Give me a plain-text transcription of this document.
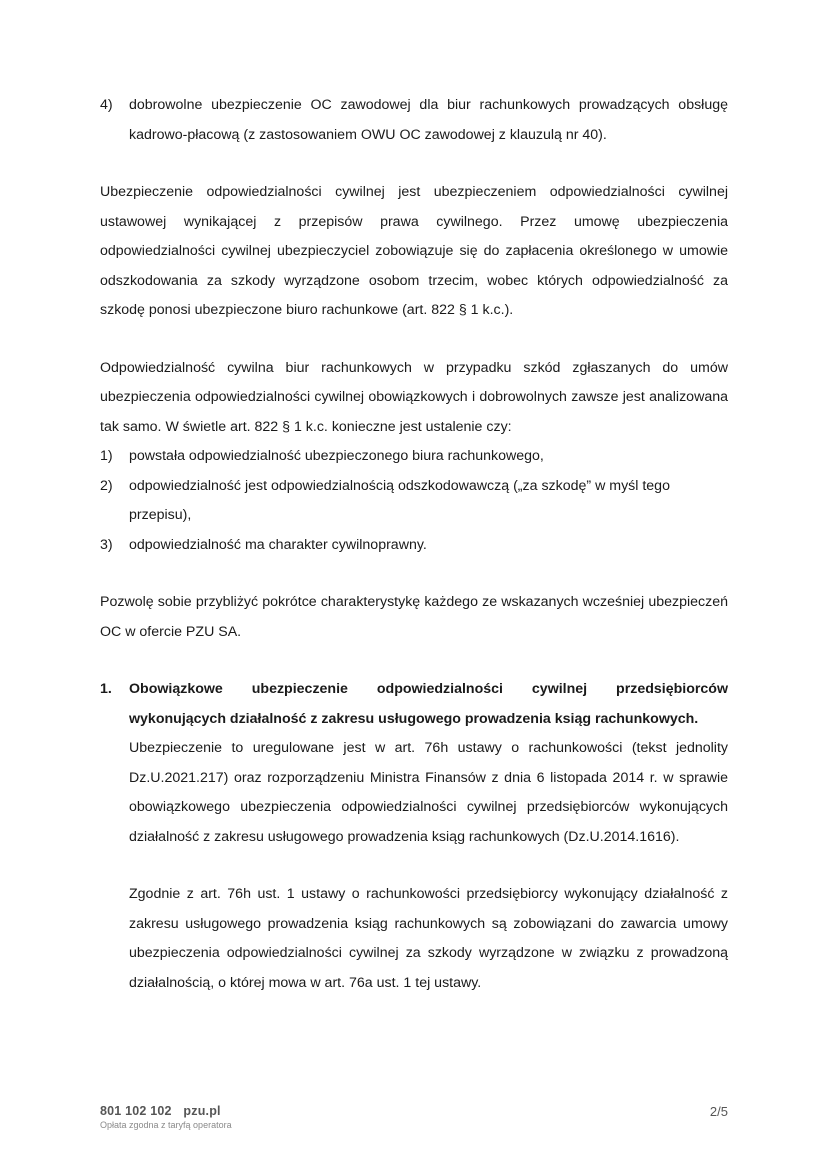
4)	dobrowolne ubezpieczenie OC zawodowej dla biur rachunkowych prowadzących obsługę kadrowo-płacową (z zastosowaniem OWU OC zawodowej z klauzulą nr 40).

Ubezpieczenie odpowiedzialności cywilnej jest ubezpieczeniem odpowiedzialności cywilnej ustawowej wynikającej z przepisów prawa cywilnego. Przez umowę ubezpieczenia odpowiedzialności cywilnej ubezpieczyciel zobowiązuje się do zapłacenia określonego w umowie odszkodowania za szkody wyrządzone osobom trzecim, wobec których odpowiedzialność za szkodę ponosi ubezpieczone biuro rachunkowe (art. 822 § 1 k.c.).

Odpowiedzialność cywilna biur rachunkowych w przypadku szkód zgłaszanych do umów ubezpieczenia odpowiedzialności cywilnej obowiązkowych i dobrowolnych zawsze jest analizowana tak samo. W świetle art. 822 § 1 k.c. konieczne jest ustalenie czy:

1)	powstała odpowiedzialność ubezpieczonego biura rachunkowego,
2)	odpowiedzialność jest odpowiedzialnością odszkodowawczą („za szkodę” w myśl tego przepisu),
3)	odpowiedzialność ma charakter cywilnoprawny.

Pozwolę sobie przybliżyć pokrótce charakterystykę każdego ze wskazanych wcześniej ubezpieczeń OC w ofercie PZU SA.

1.	Obowiązkowe ubezpieczenie odpowiedzialności cywilnej przedsiębiorców wykonujących działalność z zakresu usługowego prowadzenia ksiąg rachunkowych.
Ubezpieczenie to uregulowane jest w art. 76h ustawy o rachunkowości (tekst jednolity Dz.U.2021.217) oraz rozporządzeniu Ministra Finansów z dnia 6 listopada 2014 r. w sprawie obowiązkowego ubezpieczenia odpowiedzialności cywilnej przedsiębiorców wykonujących działalność z zakresu usługowego prowadzenia ksiąg rachunkowych (Dz.U.2014.1616).
Zgodnie z art. 76h ust. 1 ustawy o rachunkowości przedsiębiorcy wykonujący działalność z zakresu usługowego prowadzenia ksiąg rachunkowych są zobowiązani do zawarcia umowy ubezpieczenia odpowiedzialności cywilnej za szkody wyrządzone w związku z prowadzoną działalnością, o której mowa w art. 76a ust. 1 tej ustawy.
801 102 102 pzu.pl
Opłata zgodna z taryfą operatora
2/5
